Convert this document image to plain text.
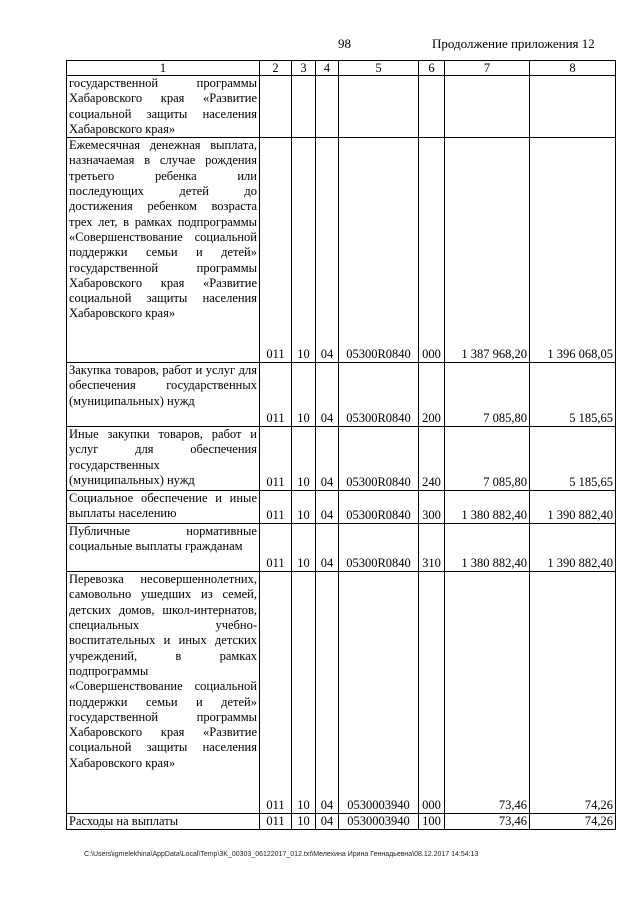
98	Продолжение приложения 12
1	2	3	4	5	6	7	8
государственной программы Хабаровского края «Развитие социальной защиты населения Хабаровского края»							
Ежемесячная денежная выплата, назначаемая в случае рождения третьего ребенка или последующих детей до достижения ребенком возраста трех лет, в рамках подпрограммы «Совершенствование социальной поддержки семьи и детей» государственной программы Хабаровского края «Развитие социальной защиты населения Хабаровского края»	011	10	04	05300R0840	000	1 387 968,20	1 396 068,05
Закупка товаров, работ и услуг для обеспечения государственных (муниципальных) нужд	011	10	04	05300R0840	200	7 085,80	5 185,65
Иные закупки товаров, работ и услуг для обеспечения государственных (муниципальных) нужд	011	10	04	05300R0840	240	7 085,80	5 185,65
Социальное обеспечение и иные выплаты населению	011	10	04	05300R0840	300	1 380 882,40	1 390 882,40
Публичные нормативные социальные выплаты гражданам	011	10	04	05300R0840	310	1 380 882,40	1 390 882,40
Перевозка несовершеннолетних, самовольно ушедших из семей, детских домов, школ-интернатов, специальных учебно-воспитательных и иных детских учреждений, в рамках подпрограммы «Совершенствование социальной поддержки семьи и детей» государственной программы Хабаровского края «Развитие социальной защиты населения Хабаровского края»	011	10	04	0530003940	000	73,46	74,26
Расходы на выплаты	011	10	04	0530003940	100	73,46	74,26
C:\Users\igmelekhina\AppData\Local\Temp\3K_00303_06122017_012.txt\Мелехина Ирина Геннадьевна\08.12.2017 14:54:13
